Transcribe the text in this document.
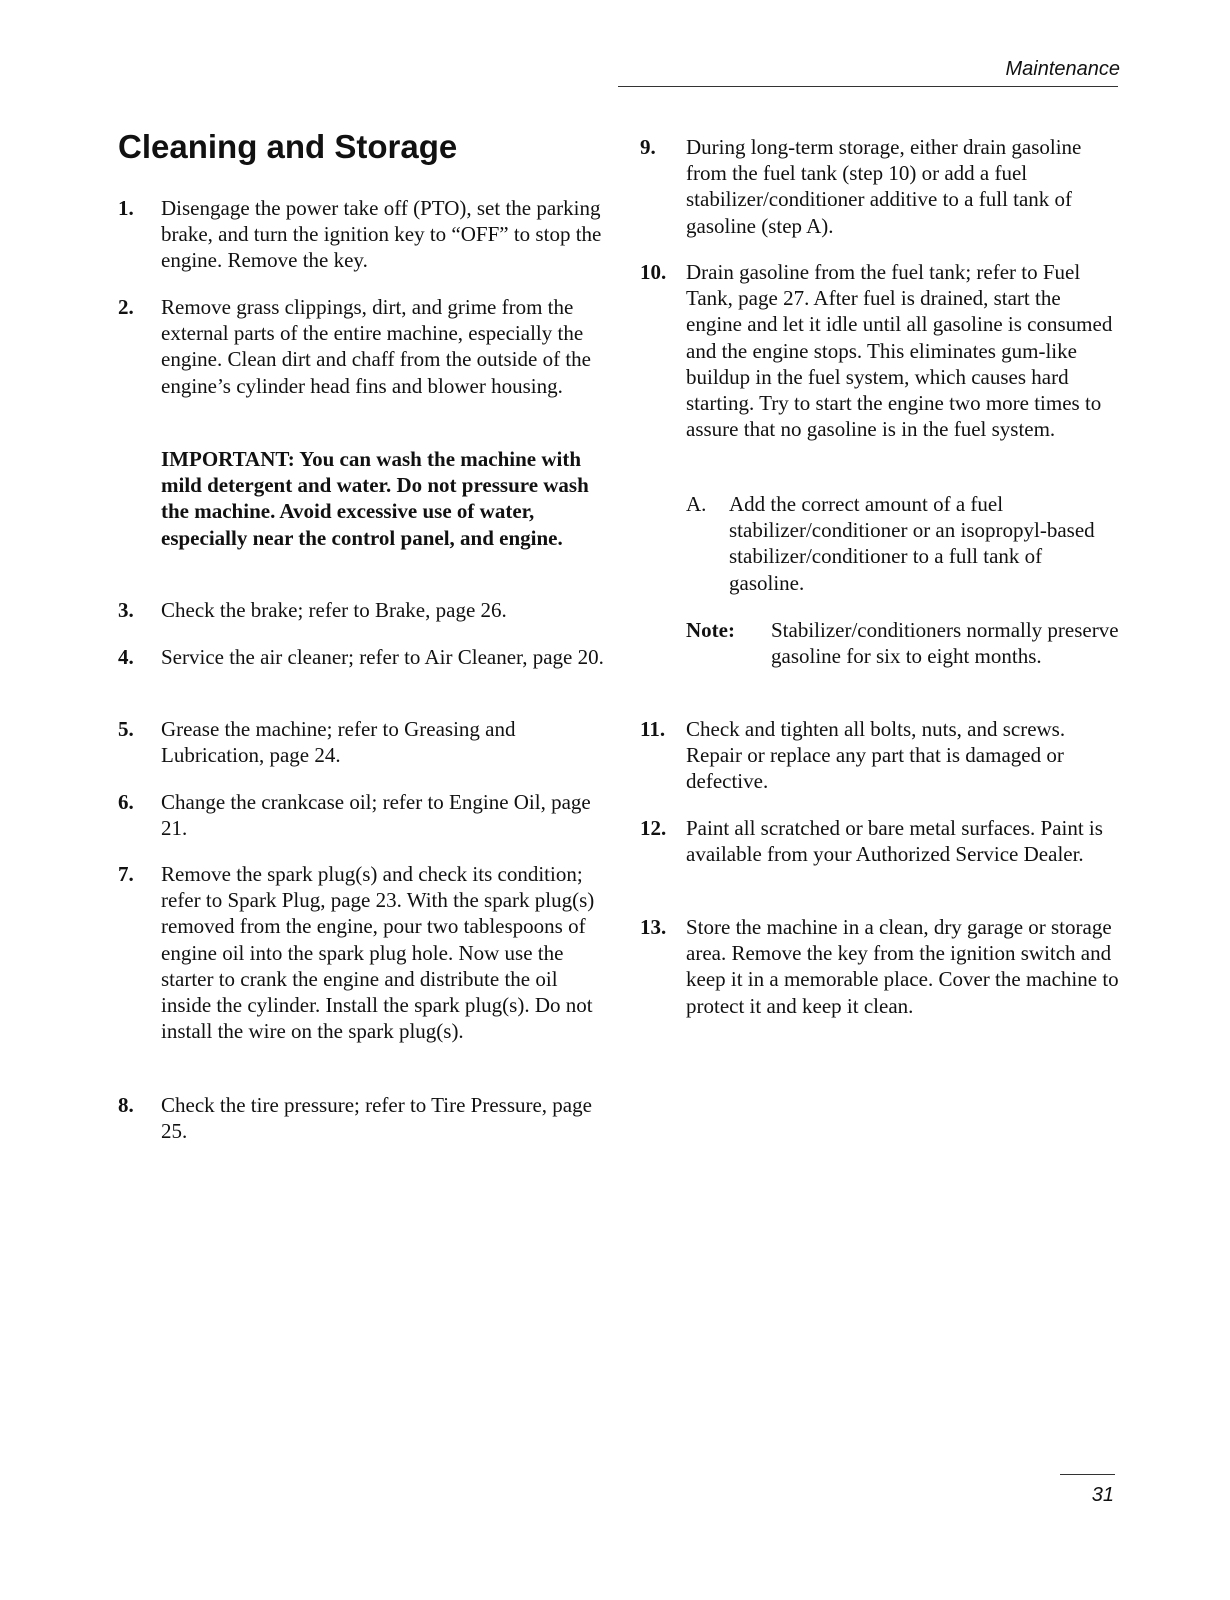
Maintenance
Cleaning and Storage
1.	Disengage the power take off (PTO), set the parking brake, and turn the ignition key to “OFF” to stop the engine. Remove the key.
2.	Remove grass clippings, dirt, and grime from the external parts of the entire machine, especially the engine. Clean dirt and chaff from the outside of the engine’s cylinder head fins and blower housing.
IMPORTANT: You can wash the machine with mild detergent and water. Do not pressure wash the machine. Avoid excessive use of water, especially near the control panel, and engine.
3.	Check the brake; refer to Brake, page 26.
4.	Service the air cleaner; refer to Air Cleaner, page 20.
5.	Grease the machine; refer to Greasing and Lubrication, page 24.
6.	Change the crankcase oil; refer to Engine Oil, page 21.
7.	Remove the spark plug(s) and check its condition; refer to Spark Plug, page 23. With the spark plug(s) removed from the engine, pour two tablespoons of engine oil into the spark plug hole. Now use the starter to crank the engine and distribute the oil inside the cylinder. Install the spark plug(s). Do not install the wire on the spark plug(s).
8.	Check the tire pressure; refer to Tire Pressure, page 25.
9.	During long-term storage, either drain gasoline from the fuel tank (step 10) or add a fuel stabilizer/conditioner additive to a full tank of gasoline (step A).
10. Drain gasoline from the fuel tank; refer to Fuel Tank, page 27. After fuel is drained, start the engine and let it idle until all gasoline is consumed and the engine stops. This eliminates gum-like buildup in the fuel system, which causes hard starting. Try to start the engine two more times to assure that no gasoline is in the fuel system.
A.	Add the correct amount of a fuel stabilizer/conditioner or an isopropyl-based stabilizer/conditioner to a full tank of gasoline.
Note:	Stabilizer/conditioners normally preserve gasoline for six to eight months.
11. Check and tighten all bolts, nuts, and screws. Repair or replace any part that is damaged or defective.
12. Paint all scratched or bare metal surfaces. Paint is available from your Authorized Service Dealer.
13. Store the machine in a clean, dry garage or storage area. Remove the key from the ignition switch and keep it in a memorable place. Cover the machine to protect it and keep it clean.
31
